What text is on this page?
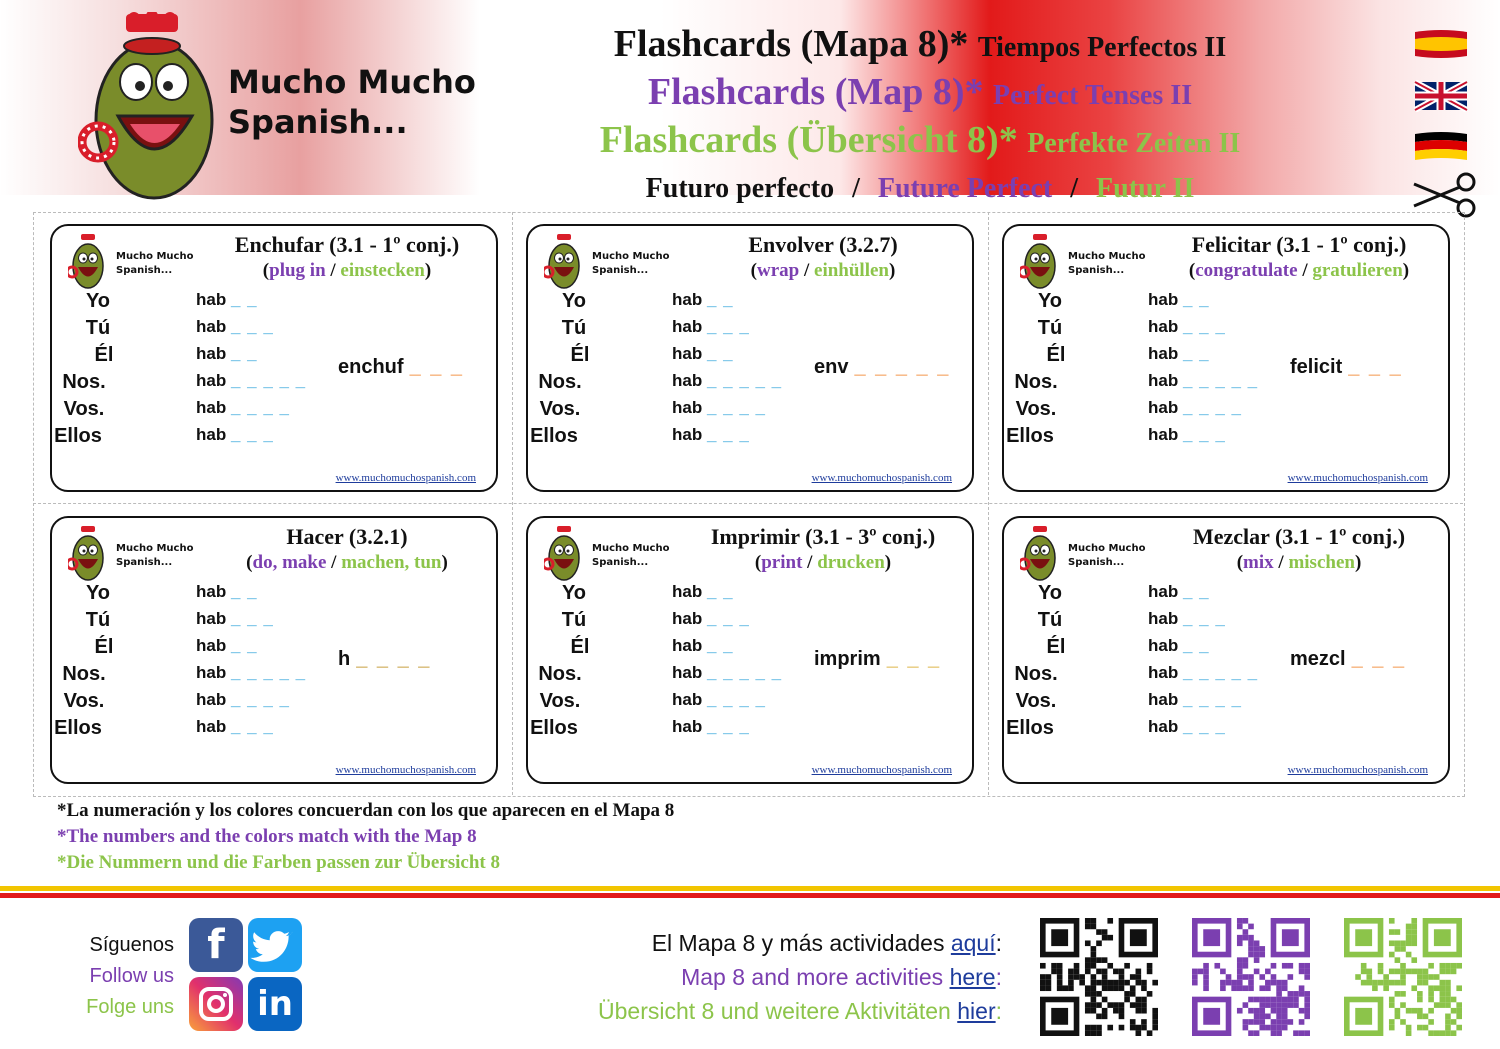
Mucho Mucho
Spanish...
Flashcards (Mapa 8)* Tiempos Perfectos II
Flashcards (Map 8)* Perfect Tenses II
Flashcards (Übersicht 8)* Perfekte Zeiten II
Futuro perfecto / Future Perfect / Futur II
Mucho Mucho
Spanish...
Enchufar (3.1 - 1º conj.)
(plug in / einstecken)
Yo	hab _ _
Tú	hab _ _ _
Él	hab _ _
Nos.	hab _ _ _ _ _
Vos.	hab _ _ _ _
Ellos	hab _ _ _
enchuf _ _ _
www.muchomuchospanish.com
Mucho Mucho
Spanish...
Envolver (3.2.7)
(wrap / einhüllen)
Yo	hab _ _
Tú	hab _ _ _
Él	hab _ _
Nos.	hab _ _ _ _ _
Vos.	hab _ _ _ _
Ellos	hab _ _ _
env _ _ _ _ _
www.muchomuchospanish.com
Mucho Mucho
Spanish...
Felicitar (3.1 - 1º conj.)
(congratulate / gratulieren)
Yo	hab _ _
Tú	hab _ _ _
Él	hab _ _
Nos.	hab _ _ _ _ _
Vos.	hab _ _ _ _
Ellos	hab _ _ _
felicit _ _ _
www.muchomuchospanish.com
Mucho Mucho
Spanish...
Hacer (3.2.1)
(do, make / machen, tun)
Yo	hab _ _
Tú	hab _ _ _
Él	hab _ _
Nos.	hab _ _ _ _ _
Vos.	hab _ _ _ _
Ellos	hab _ _ _
h _ _ _ _
www.muchomuchospanish.com
Mucho Mucho
Spanish...
Imprimir (3.1 - 3º conj.)
(print / drucken)
Yo	hab _ _
Tú	hab _ _ _
Él	hab _ _
Nos.	hab _ _ _ _ _
Vos.	hab _ _ _ _
Ellos	hab _ _ _
imprim _ _ _
www.muchomuchospanish.com
Mucho Mucho
Spanish...
Mezclar (3.1 - 1º conj.)
(mix / mischen)
Yo	hab _ _
Tú	hab _ _ _
Él	hab _ _
Nos.	hab _ _ _ _ _
Vos.	hab _ _ _ _
Ellos	hab _ _ _
mezcl _ _ _
www.muchomuchospanish.com
*La numeración y los colores concuerdan con los que aparecen en el Mapa 8
*The numbers and the colors match with the Map 8
*Die Nummern und die Farben passen zur Übersicht 8
Síguenos
Follow us
Folge uns
f
in
El Mapa 8 y más actividades aquí:
Map 8 and more activities here:
Übersicht 8 und weitere Aktivitäten hier:
